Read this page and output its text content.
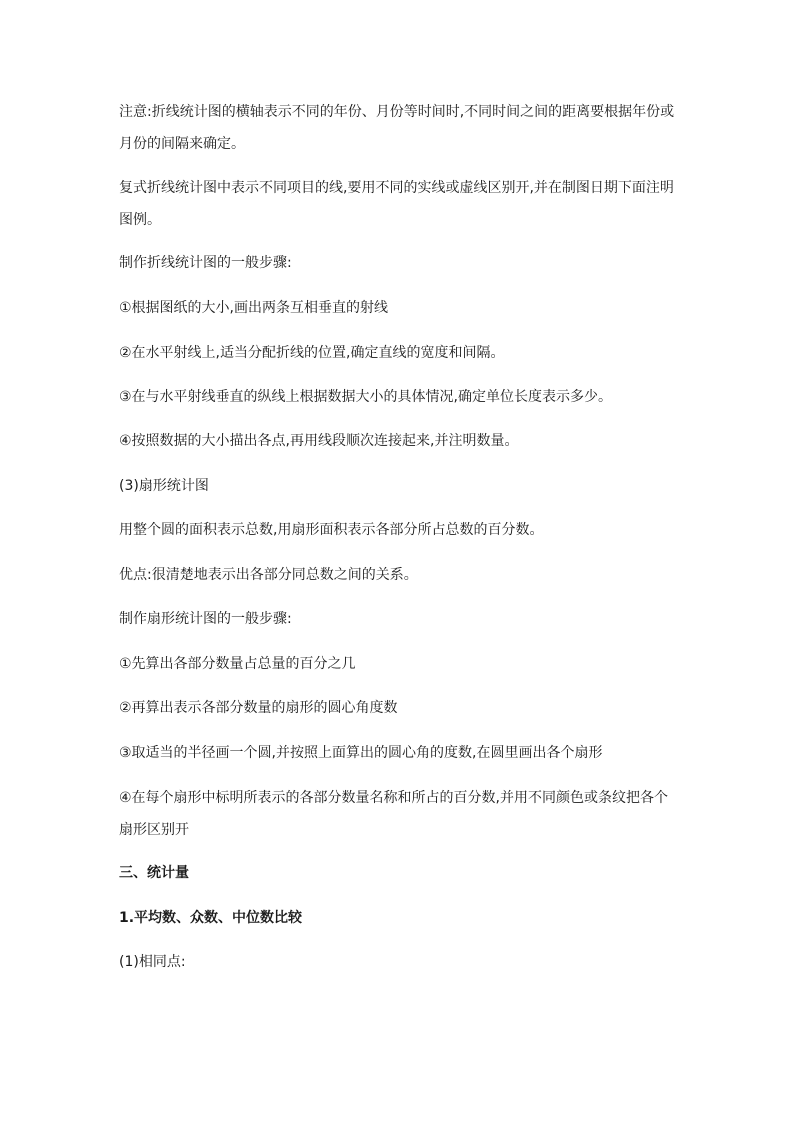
注意:折线统计图的横轴表示不同的年份、月份等时间时,不同时间之间的距离要根据年份或月份的间隔来确定。
复式折线统计图中表示不同项目的线,要用不同的实线或虚线区别开,并在制图日期下面注明图例。
制作折线统计图的一般步骤:
①根据图纸的大小,画出两条互相垂直的射线
②在水平射线上,适当分配折线的位置,确定直线的宽度和间隔。
③在与水平射线垂直的纵线上根据数据大小的具体情况,确定单位长度表示多少。
④按照数据的大小描出各点,再用线段顺次连接起来,并注明数量。
(3)扇形统计图
用整个圆的面积表示总数,用扇形面积表示各部分所占总数的百分数。
优点:很清楚地表示出各部分同总数之间的关系。
制作扇形统计图的一般步骤:
①先算出各部分数量占总量的百分之几
②再算出表示各部分数量的扇形的圆心角度数
③取适当的半径画一个圆,并按照上面算出的圆心角的度数,在圆里画出各个扇形
④在每个扇形中标明所表示的各部分数量名称和所占的百分数,并用不同颜色或条纹把各个扇形区别开
三、统计量
1.平均数、众数、中位数比较
(1)相同点:
